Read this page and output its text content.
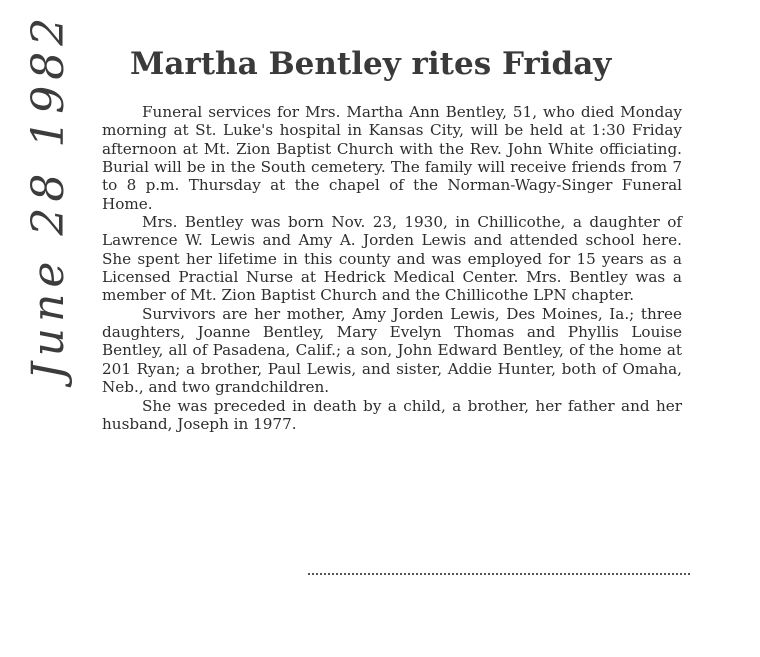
Martha Bentley rites Friday
June 28 1982	Funeral services for Mrs. Martha Ann Bentley, 51, who died Monday morning at St. Luke's hospital in Kansas City, will be held at 1:30 Friday afternoon at Mt. Zion Baptist Church with the Rev. John White officiating. Burial will be in the South cemetery. The family will receive friends from 7 to 8 p.m. Thursday at the chapel of the Norman-Wagy-Singer Funeral Home.

Mrs. Bentley was born Nov. 23, 1930, in Chillicothe, a daughter of Lawrence W. Lewis and Amy A. Jorden Lewis and attended school here. She spent her lifetime in this county and was employed for 15 years as a Licensed Practial Nurse at Hedrick Medical Center. Mrs. Bentley was a member of Mt. Zion Baptist Church and the Chillicothe LPN chapter.

Survivors are her mother, Amy Jorden Lewis, Des Moines, Ia.; three daughters, Joanne Bentley, Mary Evelyn Thomas and Phyllis Louise Bentley, all of Pasadena, Calif.; a son, John Edward Bentley, of the home at 201 Ryan; a brother, Paul Lewis, and sister, Addie Hunter, both of Omaha, Neb., and two grandchildren.

She was preceded in death by a child, a brother, her father and her husband, Joseph in 1977.
